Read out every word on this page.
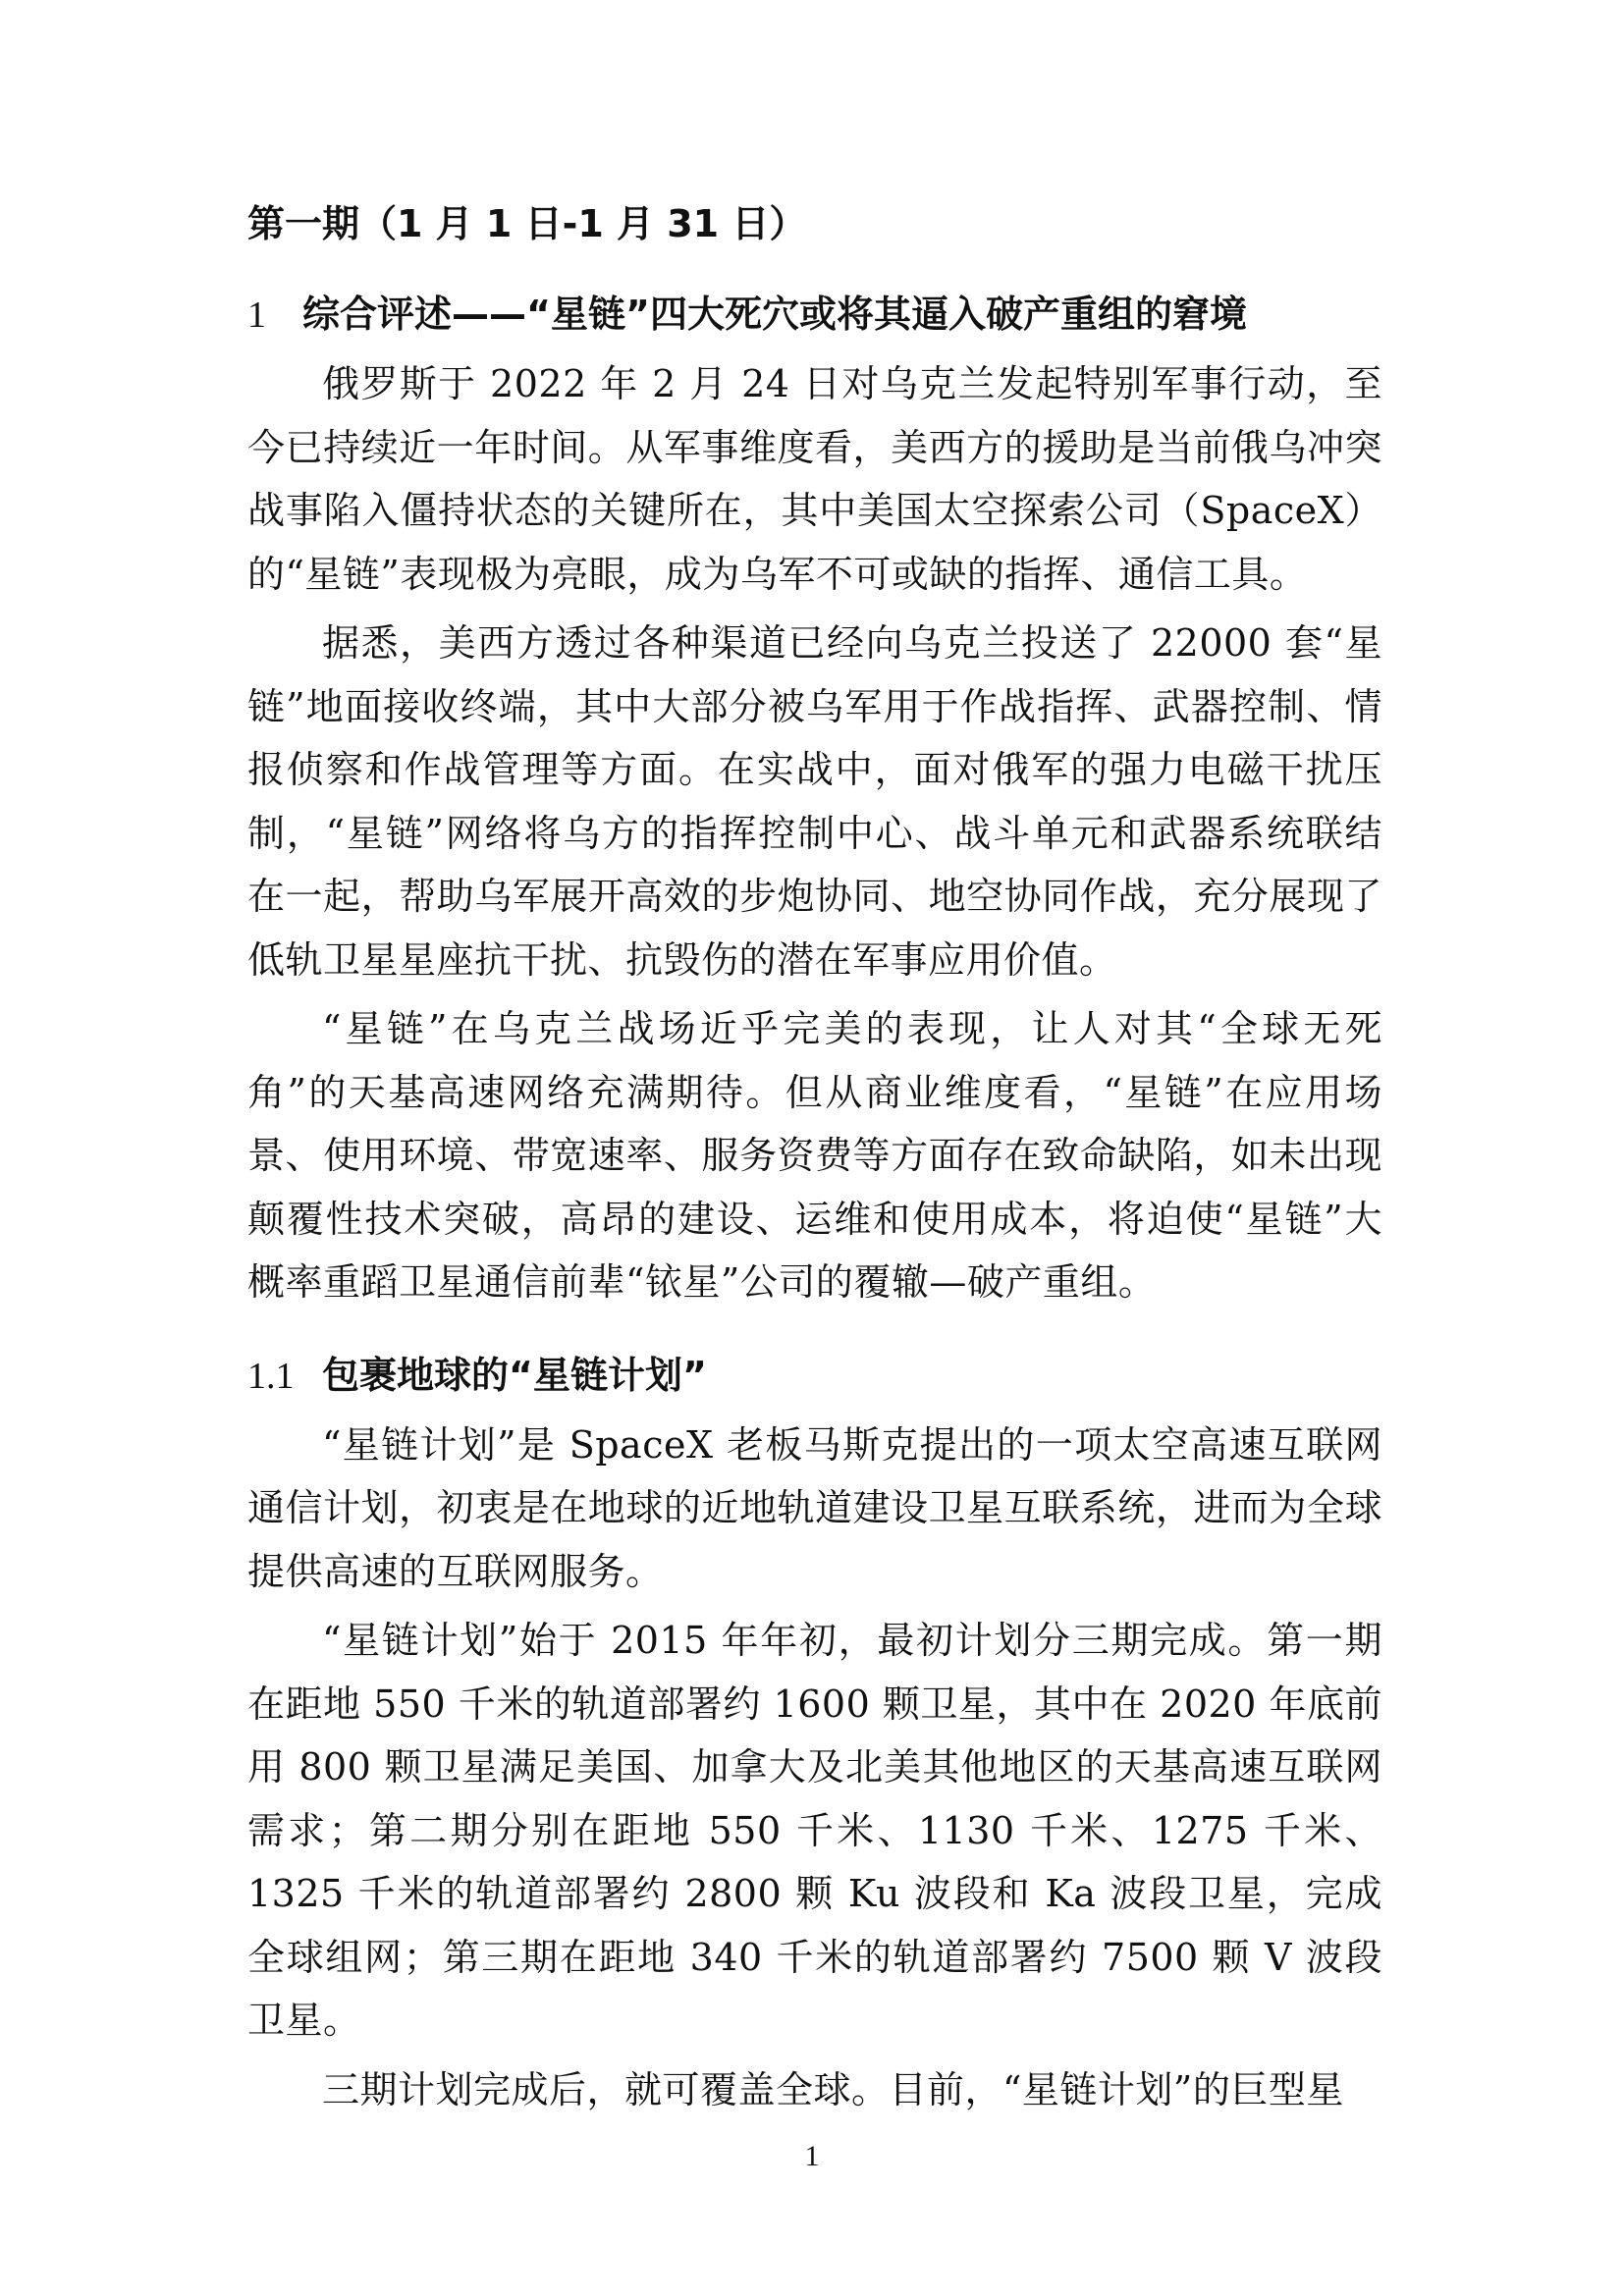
第一期（1 月 1 日-1 月 31 日）
1 综合评述——“星链”四大死穴或将其逼入破产重组的窘境

俄罗斯于 2022 年 2 月 24 日对乌克兰发起特别军事行动，至今已持续近一年时间。从军事维度看，美西方的援助是当前俄乌冲突战事陷入僵持状态的关键所在，其中美国太空探索公司（SpaceX）的“星链”表现极为亮眼，成为乌军不可或缺的指挥、通信工具。

据悉，美西方透过各种渠道已经向乌克兰投送了 22000 套“星链”地面接收终端，其中大部分被乌军用于作战指挥、武器控制、情报侦察和作战管理等方面。在实战中，面对俄军的强力电磁干扰压制，“星链”网络将乌方的指挥控制中心、战斗单元和武器系统联结在一起，帮助乌军展开高效的步炮协同、地空协同作战，充分展现了低轨卫星星座抗干扰、抗毁伤的潜在军事应用价值。

“星链”在乌克兰战场近乎完美的表现，让人对其“全球无死角”的天基高速网络充满期待。但从商业维度看，“星链”在应用场景、使用环境、带宽速率、服务资费等方面存在致命缺陷，如未出现颠覆性技术突破，高昂的建设、运维和使用成本，将迫使“星链”大概率重蹈卫星通信前辈“铱星”公司的覆辙—破产重组。

1.1 包裹地球的“星链计划”

“星链计划”是 SpaceX 老板马斯克提出的一项太空高速互联网通信计划，初衷是在地球的近地轨道建设卫星互联系统，进而为全球提供高速的互联网服务。

“星链计划”始于 2015 年年初，最初计划分三期完成。第一期在距地 550 千米的轨道部署约 1600 颗卫星，其中在 2020 年底前用 800 颗卫星满足美国、加拿大及北美其他地区的天基高速互联网需求；第二期分别在距地 550 千米、1130 千米、1275 千米、1325 千米的轨道部署约 2800 颗 Ku 波段和 Ka 波段卫星，完成全球组网；第三期在距地 340 千米的轨道部署约 7500 颗 V 波段卫星。

三期计划完成后，就可覆盖全球。目前，“星链计划”的巨型星

1
